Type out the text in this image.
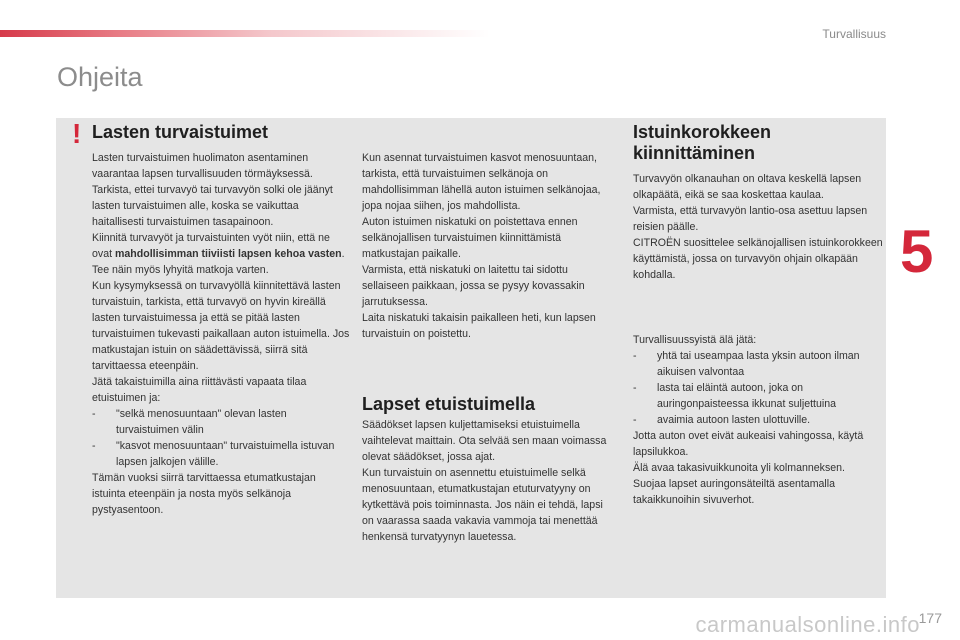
Turvallisuus
Ohjeita
5
! Lasten turvaistuimet

Lasten turvaistuimen huolimaton asentaminen vaarantaa lapsen turvallisuuden törmäyksessä.

Tarkista, ettei turvavyö tai turvavyön solki ole jäänyt lasten turvaistuimen alle, koska se vaikuttaa haitallisesti turvaistuimen tasapainoon.

Kiinnitä turvavyöt ja turvaistuinten vyöt niin, että ne ovat mahdollisimman tiiviisti lapsen kehoa vasten. Tee näin myös lyhyitä matkoja varten.

Kun kysymyksessä on turvavyöllä kiinnitettävä lasten turvaistuin, tarkista, että turvavyö on hyvin kireällä lasten turvaistuimessa ja että se pitää lasten turvaistuimen tukevasti paikallaan auton istuimella. Jos matkustajan istuin on säädettävissä, siirrä sitä tarvittaessa eteenpäin.

Jätä takaistuimilla aina riittävästi vapaata tilaa etuistuimen ja:

-	"selkä menosuuntaan" olevan lasten turvaistuimen välin
-	"kasvot menosuuntaan" turvaistuimella istuvan lapsen jalkojen välille.

Tämän vuoksi siirrä tarvittaessa etumatkustajan istuinta eteenpäin ja nosta myös selkänoja pystyasentoon.

Kun asennat turvaistuimen kasvot menosuuntaan, tarkista, että turvaistuimen selkänoja on mahdollisimman lähellä auton istuimen selkänojaa, jopa nojaa siihen, jos mahdollista.

Auton istuimen niskatuki on poistettava ennen selkänojallisen turvaistuimen kiinnittämistä matkustajan paikalle.

Varmista, että niskatuki on laitettu tai sidottu sellaiseen paikkaan, jossa se pysyy kovassakin jarrutuksessa.

Laita niskatuki takaisin paikalleen heti, kun lapsen turvaistuin on poistettu.

Lapset etuistuimella

Säädökset lapsen kuljettamiseksi etuistuimella vaihtelevat maittain. Ota selvää sen maan voimassa olevat säädökset, jossa ajat.

Kun turvaistuin on asennettu etuistuimelle selkä menosuuntaan, etumatkustajan etuturvatyyny on kytkettävä pois toiminnasta. Jos näin ei tehdä, lapsi on vaarassa saada vakavia vammoja tai menettää henkensä turvatyynyn lauetessa.

Istuinkorokkeen kiinnittäminen

Turvavyön olkanauhan on oltava keskellä lapsen olkapäätä, eikä se saa koskettaa kaulaa.

Varmista, että turvavyön lantio-osa asettuu lapsen reisien päälle.

CITROËN suosittelee selkänojallisen istuinkorokkeen käyttämistä, jossa on turvavyön ohjain olkapään kohdalla.

Turvallisuussyistä älä jätä:

-	yhtä tai useampaa lasta yksin autoon ilman aikuisen valvontaa
-	lasta tai eläintä autoon, joka on auringonpaisteessa ikkunat suljettuina
-	avaimia autoon lasten ulottuville.

Jotta auton ovet eivät aukeaisi vahingossa, käytä lapsilukkoa.

Älä avaa takasivuikkunoita yli kolmanneksen.

Suojaa lapset auringonsäteiltä asentamalla takaikkunoihin sivuverhot.

177
carmanualsonline.info
